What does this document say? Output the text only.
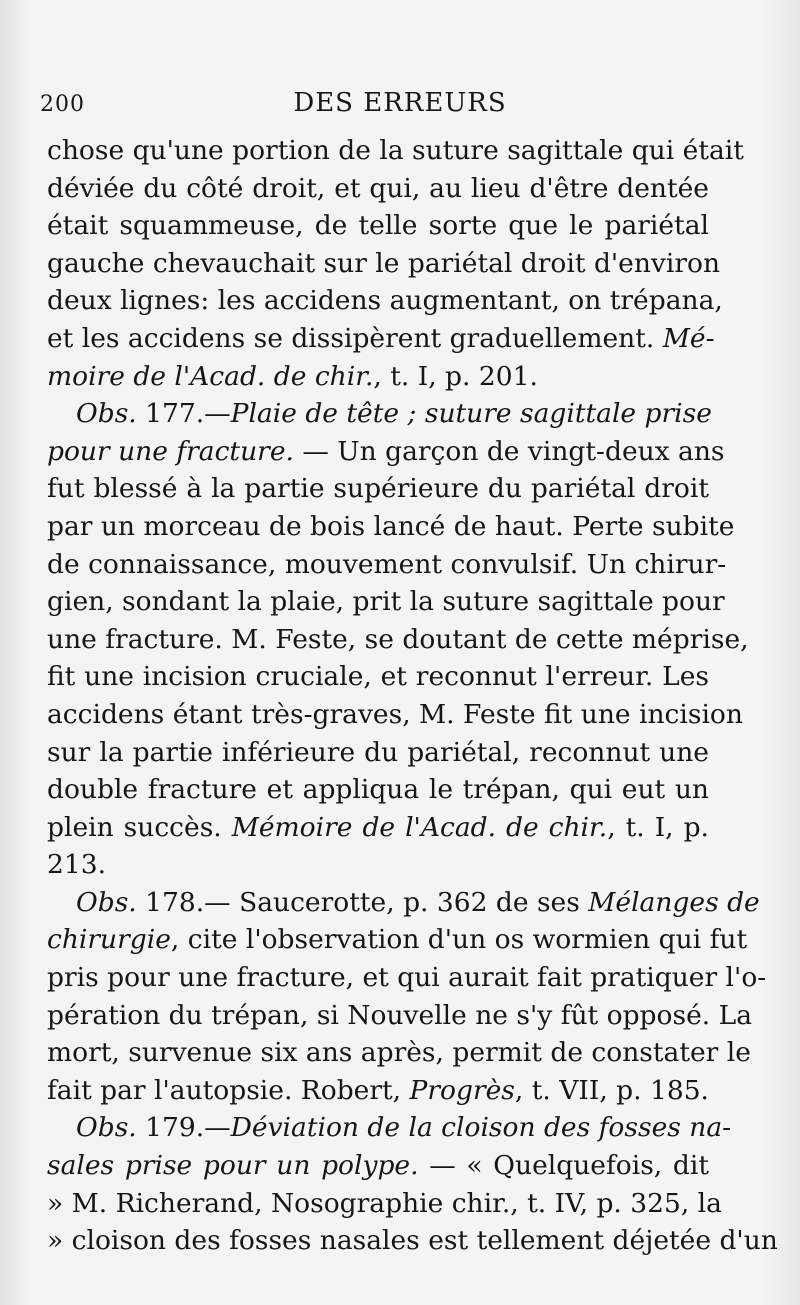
200	DES ERREURS
chose qu'une portion de la suture sagittale qui était
déviée du côté droit, et qui, au lieu d'être dentée
était squammeuse, de telle sorte que le pariétal
gauche chevauchait sur le pariétal droit d'environ
deux lignes: les accidens augmentant, on trépana,
et les accidens se dissipèrent graduellement. Mé-
moire de l'Acad. de chir., t. I, p. 201.
Obs. 177.—Plaie de tête ; suture sagittale prise
pour une fracture. — Un garçon de vingt-deux ans
fut blessé à la partie supérieure du pariétal droit
par un morceau de bois lancé de haut. Perte subite
de connaissance, mouvement convulsif. Un chirur-
gien, sondant la plaie, prit la suture sagittale pour
une fracture. M. Feste, se doutant de cette méprise,
fit une incision cruciale, et reconnut l'erreur. Les
accidens étant très-graves, M. Feste fit une incision
sur la partie inférieure du pariétal, reconnut une
double fracture et appliqua le trépan, qui eut un
plein succès. Mémoire de l'Acad. de chir., t. I, p.
213.
Obs. 178.— Saucerotte, p. 362 de ses Mélanges de
chirurgie, cite l'observation d'un os wormien qui fut
pris pour une fracture, et qui aurait fait pratiquer l'o-
pération du trépan, si Nouvelle ne s'y fût opposé. La
mort, survenue six ans après, permit de constater le
fait par l'autopsie. Robert, Progrès, t. VII, p. 185.
Obs. 179.—Déviation de la cloison des fosses na-
sales prise pour un polype. — « Quelquefois, dit
» M. Richerand, Nosographie chir., t. IV, p. 325, la
» cloison des fosses nasales est tellement déjetée d'un
